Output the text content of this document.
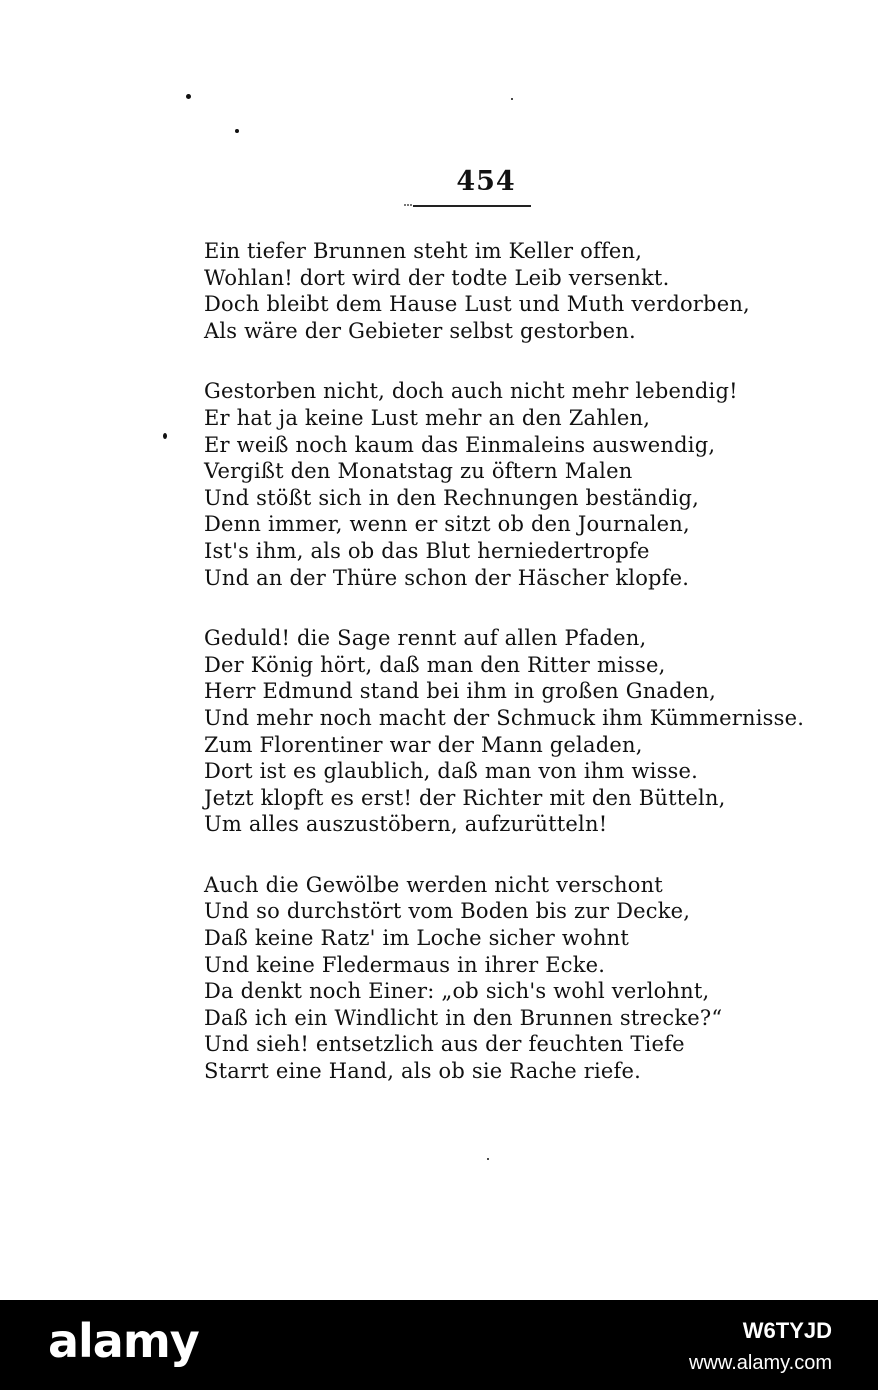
454
Ein tiefer Brunnen steht im Keller offen,
Wohlan! dort wird der todte Leib versenkt.
Doch bleibt dem Hause Lust und Muth verdorben,
Als wäre der Gebieter selbst gestorben.
Gestorben nicht, doch auch nicht mehr lebendig!
Er hat ja keine Lust mehr an den Zahlen,
Er weiß noch kaum das Einmaleins auswendig,
Vergißt den Monatstag zu öftern Malen
Und stößt sich in den Rechnungen beständig,
Denn immer, wenn er sitzt ob den Journalen,
Ist's ihm, als ob das Blut herniedertropfe
Und an der Thüre schon der Häscher klopfe.
Geduld! die Sage rennt auf allen Pfaden,
Der König hört, daß man den Ritter misse,
Herr Edmund stand bei ihm in großen Gnaden,
Und mehr noch macht der Schmuck ihm Kümmernisse.
Zum Florentiner war der Mann geladen,
Dort ist es glaublich, daß man von ihm wisse.
Jetzt klopft es erst! der Richter mit den Bütteln,
Um alles auszustöbern, aufzurütteln!
Auch die Gewölbe werden nicht verschont
Und so durchstört vom Boden bis zur Decke,
Daß keine Ratz' im Loche sicher wohnt
Und keine Fledermaus in ihrer Ecke.
Da denkt noch Einer: „ob sich's wohl verlohnt,
Daß ich ein Windlicht in den Brunnen strecke?“
Und sieh! entsetzlich aus der feuchten Tiefe
Starrt eine Hand, als ob sie Rache riefe.
alamy	W6TYJD
www.alamy.com
